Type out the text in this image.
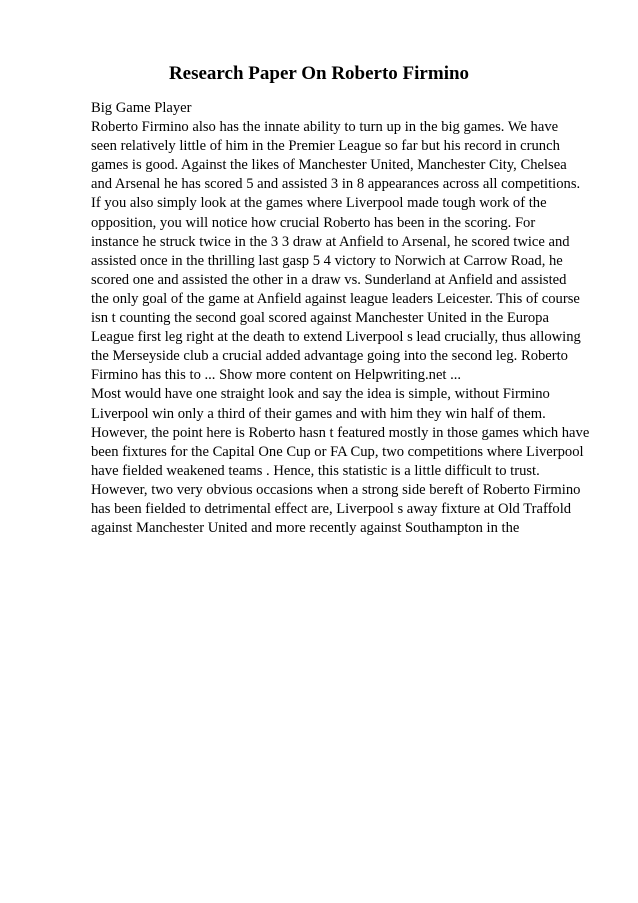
Research Paper On Roberto Firmino
Big Game Player
Roberto Firmino also has the innate ability to turn up in the big games. We have
seen relatively little of him in the Premier League so far but his record in crunch
games is good. Against the likes of Manchester United, Manchester City, Chelsea
and Arsenal he has scored 5 and assisted 3 in 8 appearances across all competitions.
If you also simply look at the games where Liverpool made tough work of the
opposition, you will notice how crucial Roberto has been in the scoring. For
instance he struck twice in the 3 3 draw at Anfield to Arsenal, he scored twice and
assisted once in the thrilling last gasp 5 4 victory to Norwich at Carrow Road, he
scored one and assisted the other in a draw vs. Sunderland at Anfield and assisted
the only goal of the game at Anfield against league leaders Leicester. This of course
isn t counting the second goal scored against Manchester United in the Europa
League first leg right at the death to extend Liverpool s lead crucially, thus allowing
the Merseyside club a crucial added advantage going into the second leg. Roberto
Firmino has this to ... Show more content on Helpwriting.net ...
Most would have one straight look and say the idea is simple, without Firmino
Liverpool win only a third of their games and with him they win half of them.
However, the point here is Roberto hasn t featured mostly in those games which have
been fixtures for the Capital One Cup or FA Cup, two competitions where Liverpool
have fielded weakened teams . Hence, this statistic is a little difficult to trust.
However, two very obvious occasions when a strong side bereft of Roberto Firmino
has been fielded to detrimental effect are, Liverpool s away fixture at Old Traffold
against Manchester United and more recently against Southampton in the
